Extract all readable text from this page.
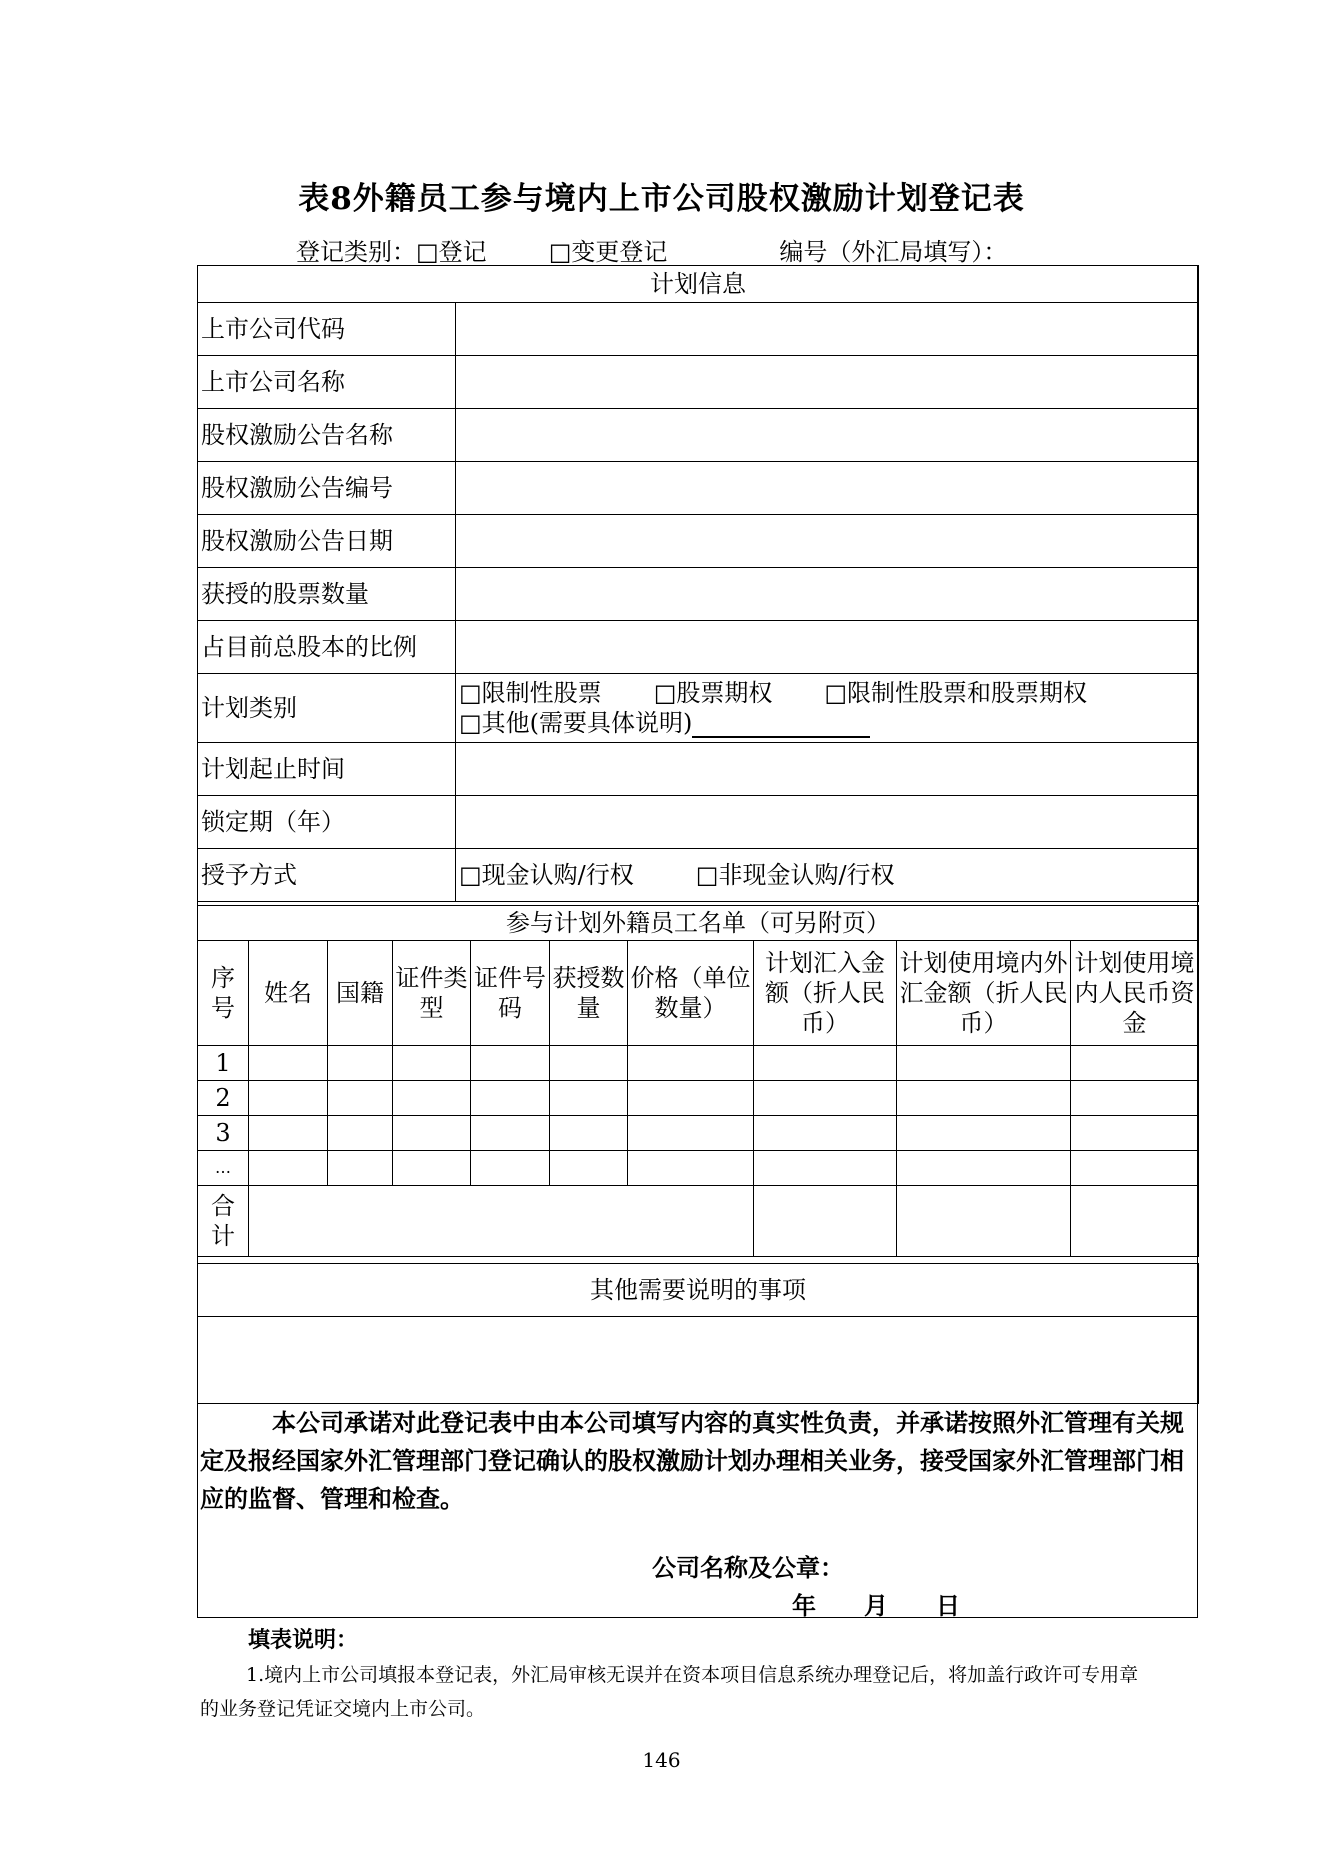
表8外籍员工参与境内上市公司股权激励计划登记表
登记类别：□登记	□变更登记	编号（外汇局填写）：
计划信息	
上市公司代码	
上市公司名称	
股权激励公告名称	
股权激励公告编号	
股权激励公告日期	
获授的股票数量	
占目前总股本的比例	
计划类别	□限制性股票 □股票期权 □限制性股票和股票期权
□其他(需要具体说明)

计划起止时间	
锁定期（年）	
授予方式	□现金认购/行权 □非现金认购/行权
参与计划外籍员工名单（可另附页）									
序号	姓名	国籍	证件类型	证件号码	获授数量	价格（单位数量）	计划汇入金额（折人民币）	计划使用境内外汇金额（折人民币）	计划使用境内人民币资金
1									
2									
3									
…									
合计									
其他需要说明的事项

本公司承诺对此登记表中由本公司填写内容的真实性负责，并承诺按照外汇管理有关规定及报经国家外汇管理部门登记确认的股权激励计划办理相关业务，接受国家外汇管理部门相应的监督、管理和检查。
公司名称及公章：
年 月 日
填表说明：
1.境内上市公司填报本登记表，外汇局审核无误并在资本项目信息系统办理登记后，将加盖行政许可专用章的业务登记凭证交境内上市公司。
146
